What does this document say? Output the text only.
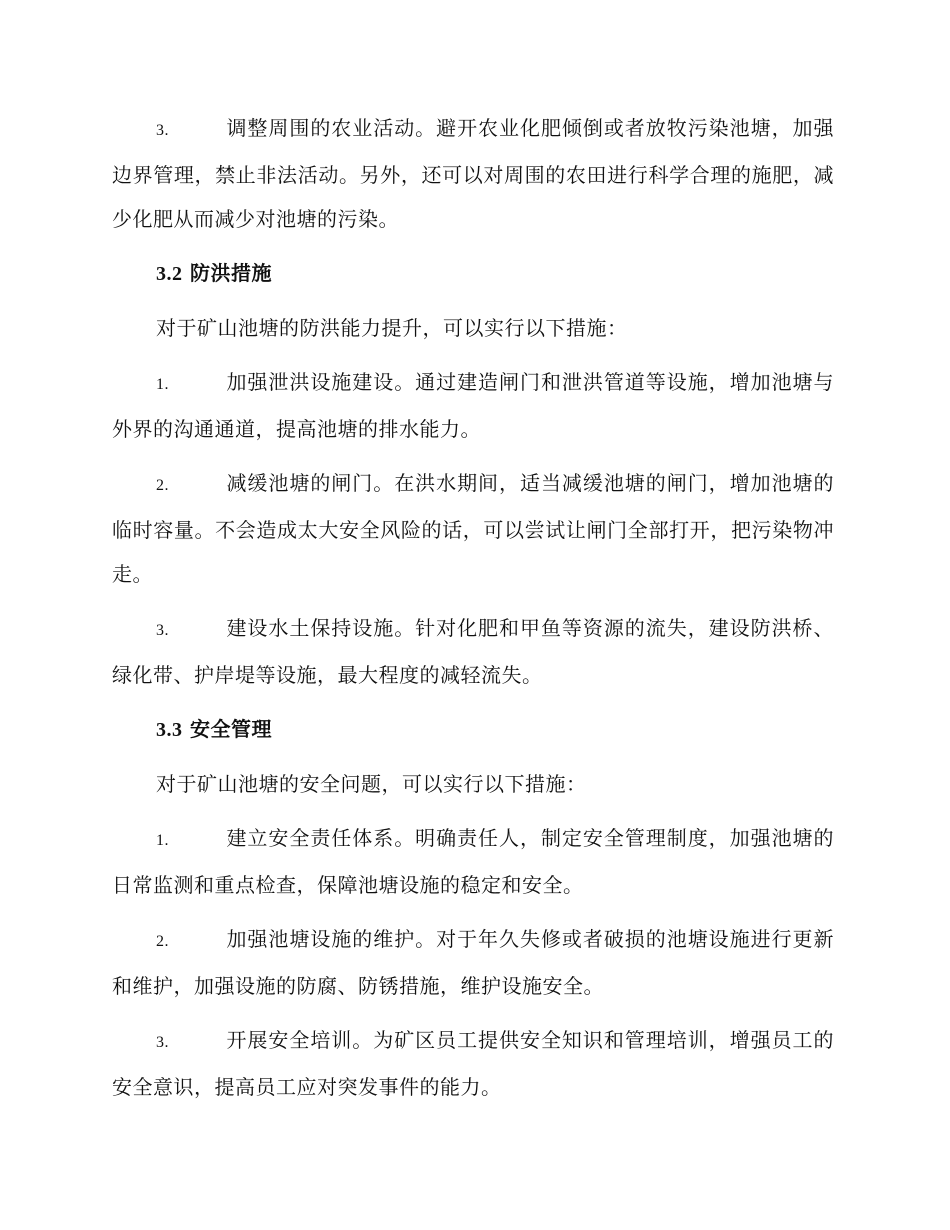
3.	调整周围的农业活动。避开农业化肥倾倒或者放牧污染池塘，加强边界管理，禁止非法活动。另外，还可以对周围的农田进行科学合理的施肥，减少化肥从而减少对池塘的污染。
3.2 防洪措施
对于矿山池塘的防洪能力提升，可以实行以下措施：
1.	加强泄洪设施建设。通过建造闸门和泄洪管道等设施，增加池塘与外界的沟通通道，提高池塘的排水能力。
2.	减缓池塘的闸门。在洪水期间，适当减缓池塘的闸门，增加池塘的临时容量。不会造成太大安全风险的话，可以尝试让闸门全部打开，把污染物冲走。
3.	建设水土保持设施。针对化肥和甲鱼等资源的流失，建设防洪桥、绿化带、护岸堤等设施，最大程度的减轻流失。
3.3 安全管理
对于矿山池塘的安全问题，可以实行以下措施：
1.	建立安全责任体系。明确责任人，制定安全管理制度，加强池塘的日常监测和重点检查，保障池塘设施的稳定和安全。
2.	加强池塘设施的维护。对于年久失修或者破损的池塘设施进行更新和维护，加强设施的防腐、防锈措施，维护设施安全。
3.	开展安全培训。为矿区员工提供安全知识和管理培训，增强员工的安全意识，提高员工应对突发事件的能力。
